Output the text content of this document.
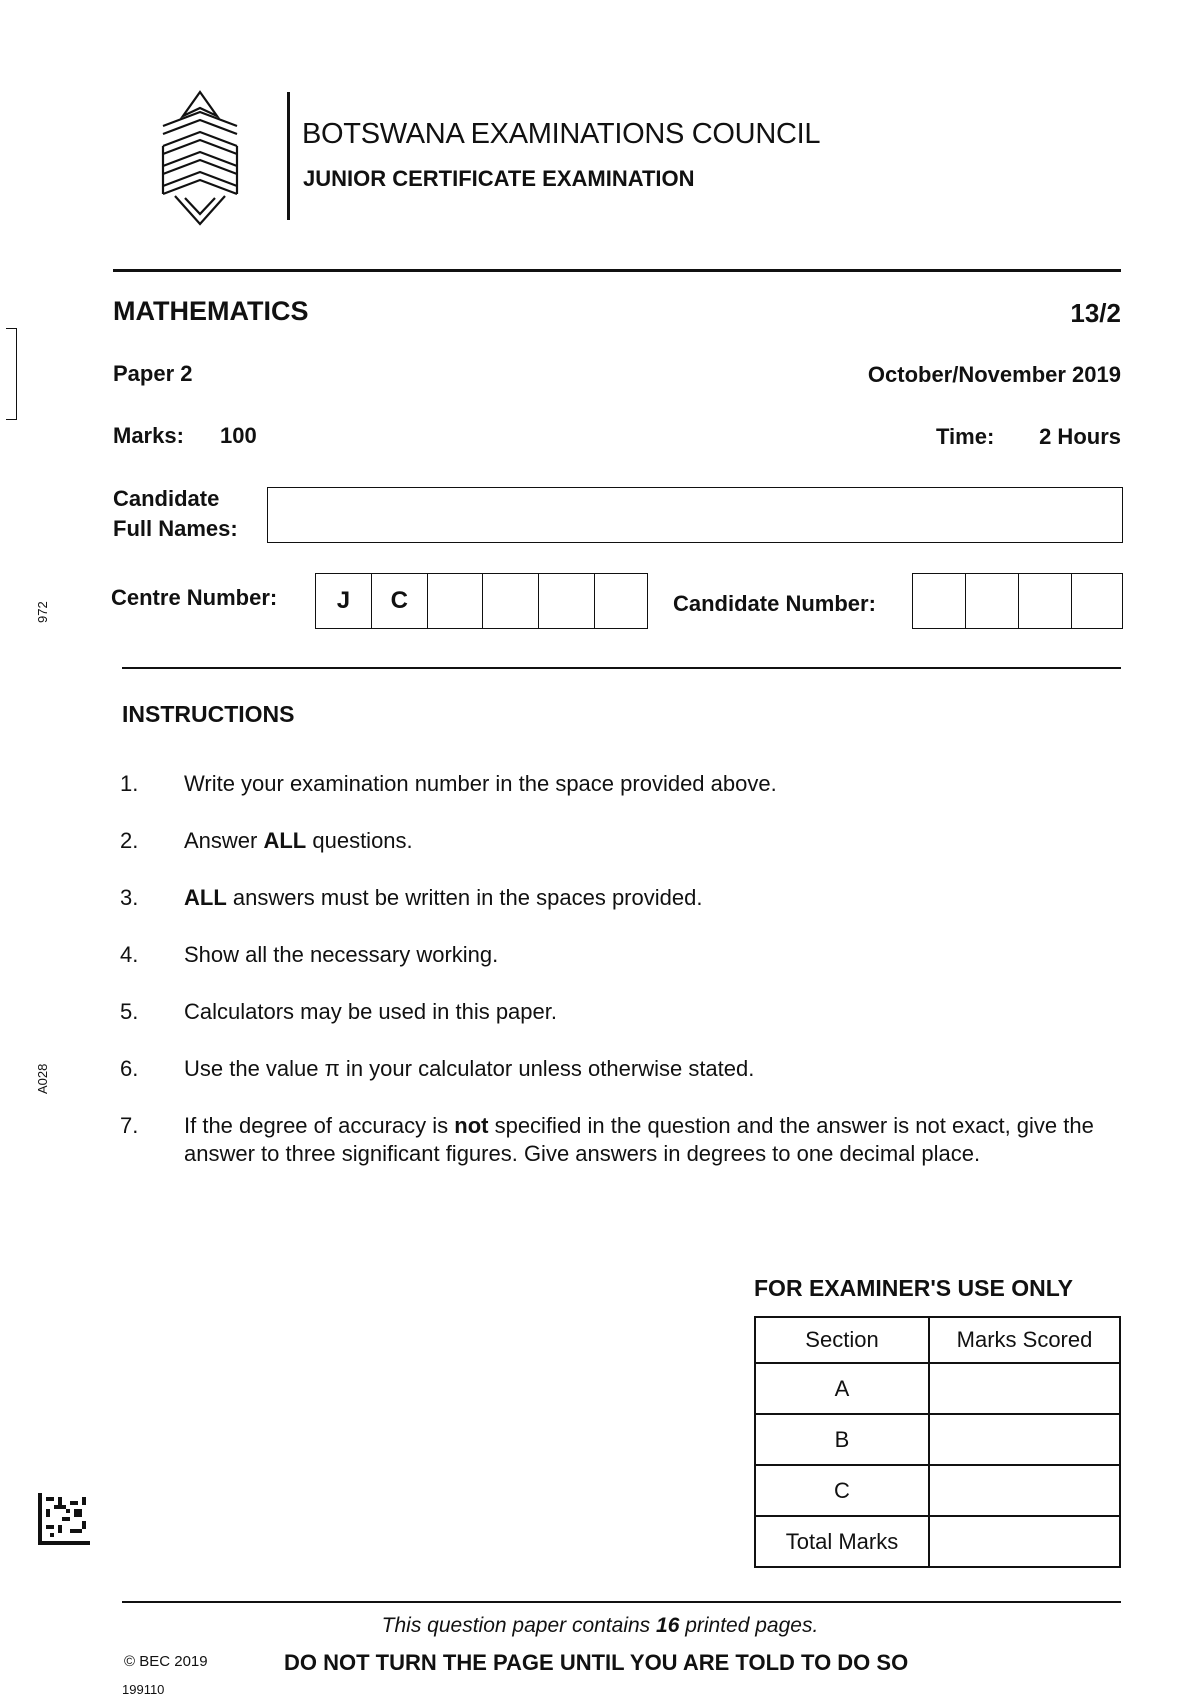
BOTSWANA EXAMINATIONS COUNCIL
JUNIOR CERTIFICATE EXAMINATION
MATHEMATICS	13/2
Paper 2	October/November 2019
Marks: 100	Time: 2 Hours
Candidate
Full Names:
Centre Number:	J	C	Candidate Number:
972
A028
INSTRUCTIONS
1.	Write your examination number in the space provided above.
2.	Answer ALL questions.
3.	ALL answers must be written in the spaces provided.
4.	Show all the necessary working.
5.	Calculators may be used in this paper.
6.	Use the value π in your calculator unless otherwise stated.
7.	If the degree of accuracy is not specified in the question and the answer is not exact, give the answer to three significant figures. Give answers in degrees to one decimal place.
FOR EXAMINER'S USE ONLY
Section	Marks Scored
A	
B	
C	
Total Marks	
This question paper contains 16 printed pages.
© BEC 2019
199110
DO NOT TURN THE PAGE UNTIL YOU ARE TOLD TO DO SO
